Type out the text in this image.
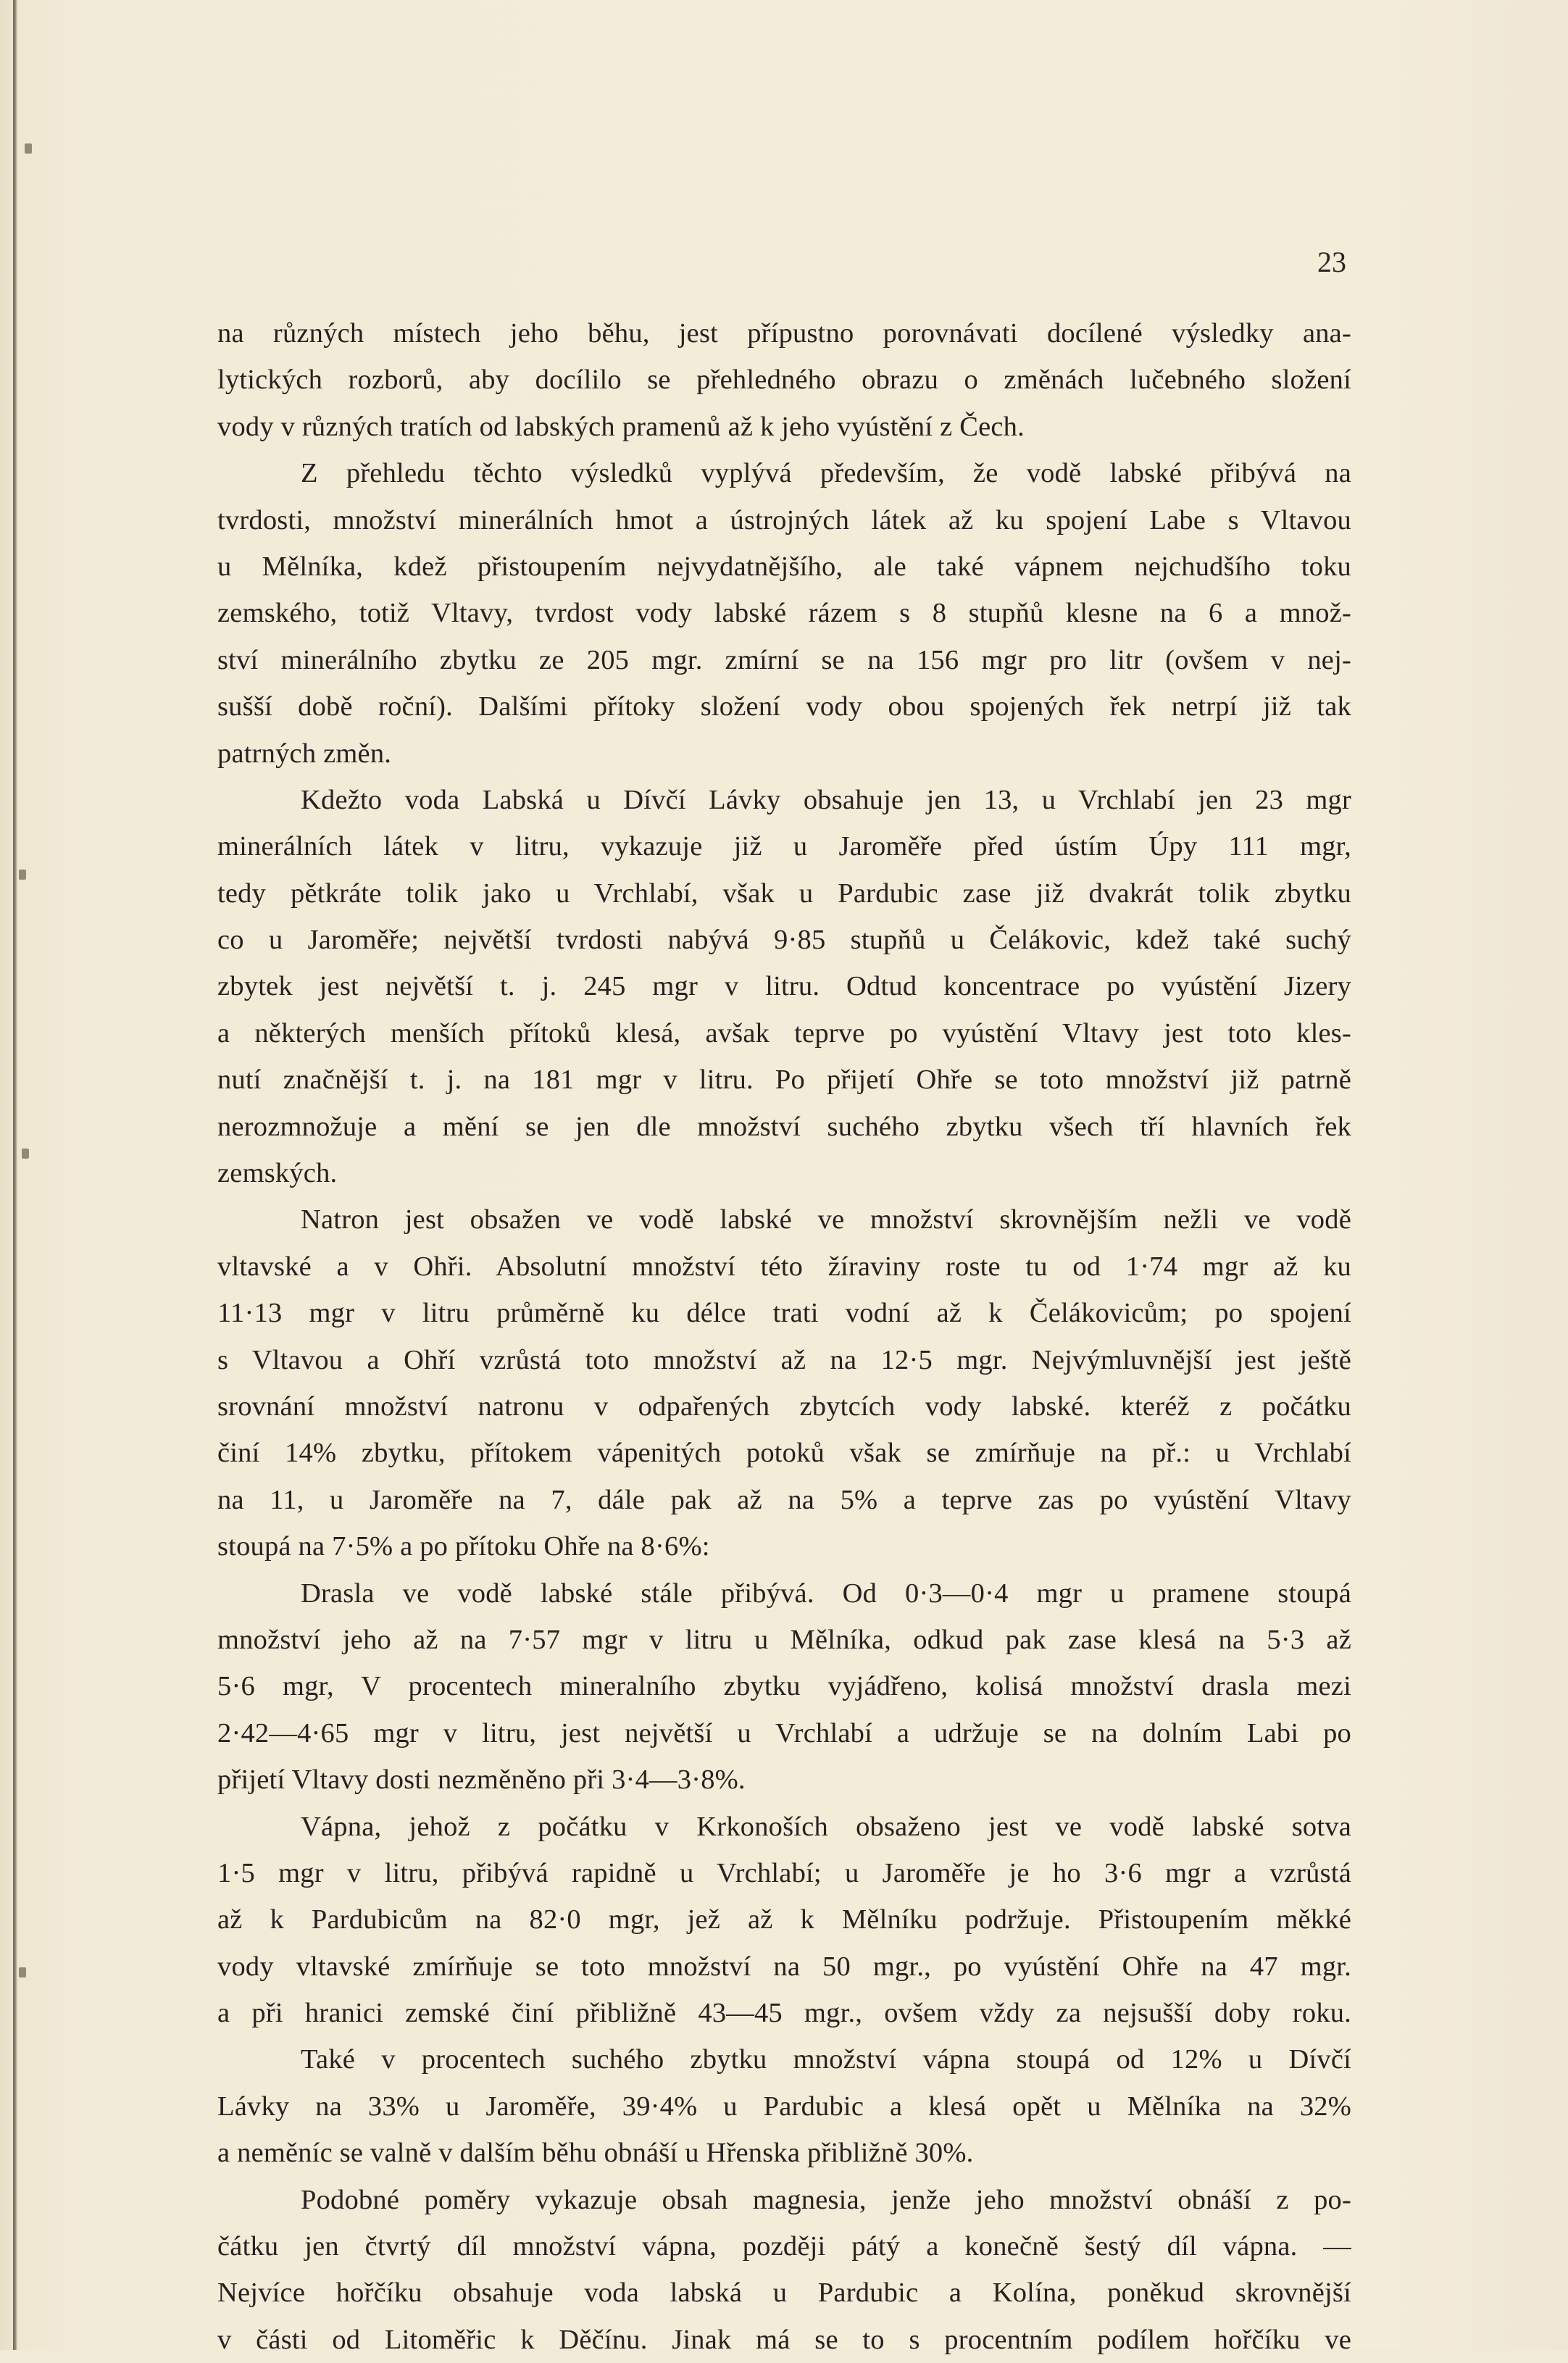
23
na různých místech jeho běhu, jest přípustno porovnávati docílené výsledky ana-
lytických rozborů, aby docílilo se přehledného obrazu o změnách lučebného složení
vody v různých tratích od labských pramenů až k jeho vyústění z Čech.
Z přehledu těchto výsledků vyplývá především, že vodě labské přibývá na
tvrdosti, množství minerálních hmot a ústrojných látek až ku spojení Labe s Vltavou
u Mělníka, kdež přistoupením nejvydatnějšího, ale také vápnem nejchudšího toku
zemského, totiž Vltavy, tvrdost vody labské rázem s 8 stupňů klesne na 6 a množ-
ství minerálního zbytku ze 205 mgr. zmírní se na 156 mgr pro litr (ovšem v nej-
sušší době roční). Dalšími přítoky složení vody obou spojených řek netrpí již tak
patrných změn.
Kdežto voda Labská u Dívčí Lávky obsahuje jen 13, u Vrchlabí jen 23 mgr
minerálních látek v litru, vykazuje již u Jaroměře před ústím Úpy 111 mgr,
tedy pětkráte tolik jako u Vrchlabí, však u Pardubic zase již dvakrát tolik zbytku
co u Jaroměře; největší tvrdosti nabývá 9·85 stupňů u Čelákovic, kdež také suchý
zbytek jest největší t. j. 245 mgr v litru. Odtud koncentrace po vyústění Jizery
a některých menších přítoků klesá, avšak teprve po vyústění Vltavy jest toto kles-
nutí značnější t. j. na 181 mgr v litru. Po přijetí Ohře se toto množství již patrně
nerozmnožuje a mění se jen dle množství suchého zbytku všech tří hlavních řek
zemských.
Natron jest obsažen ve vodě labské ve množství skrovnějším nežli ve vodě
vltavské a v Ohři. Absolutní množství této žíraviny roste tu od 1·74 mgr až ku
11·13 mgr v litru průměrně ku délce trati vodní až k Čelákovicům; po spojení
s Vltavou a Ohří vzrůstá toto množství až na 12·5 mgr. Nejvýmluvnější jest ještě
srovnání množství natronu v odpařených zbytcích vody labské. kteréž z počátku
činí 14% zbytku, přítokem vápenitých potoků však se zmírňuje na př.: u Vrchlabí
na 11, u Jaroměře na 7, dále pak až na 5% a teprve zas po vyústění Vltavy
stoupá na 7·5% a po přítoku Ohře na 8·6%:
Drasla ve vodě labské stále přibývá. Od 0·3—0·4 mgr u pramene stoupá
množství jeho až na 7·57 mgr v litru u Mělníka, odkud pak zase klesá na 5·3 až
5·6 mgr, V procentech mineralního zbytku vyjádřeno, kolisá množství drasla mezi
2·42—4·65 mgr v litru, jest největší u Vrchlabí a udržuje se na dolním Labi po
přijetí Vltavy dosti nezměněno při 3·4—3·8%.
Vápna, jehož z počátku v Krkonoších obsaženo jest ve vodě labské sotva
1·5 mgr v litru, přibývá rapidně u Vrchlabí; u Jaroměře je ho 3·6 mgr a vzrůstá
až k Pardubicům na 82·0 mgr, jež až k Mělníku podržuje. Přistoupením měkké
vody vltavské zmírňuje se toto množství na 50 mgr., po vyústění Ohře na 47 mgr.
a při hranici zemské činí přibližně 43—45 mgr., ovšem vždy za nejsušší doby roku.
Také v procentech suchého zbytku množství vápna stoupá od 12% u Dívčí
Lávky na 33% u Jaroměře, 39·4% u Pardubic a klesá opět u Mělníka na 32%
a neměníc se valně v dalším běhu obnáší u Hřenska přibližně 30%.
Podobné poměry vykazuje obsah magnesia, jenže jeho množství obnáší z po-
čátku jen čtvrtý díl množství vápna, později pátý a konečně šestý díl vápna. —
Nejvíce hořčíku obsahuje voda labská u Pardubic a Kolína, poněkud skrovnější
v části od Litoměřic k Děčínu. Jinak má se to s procentním podílem hořčíku ve
